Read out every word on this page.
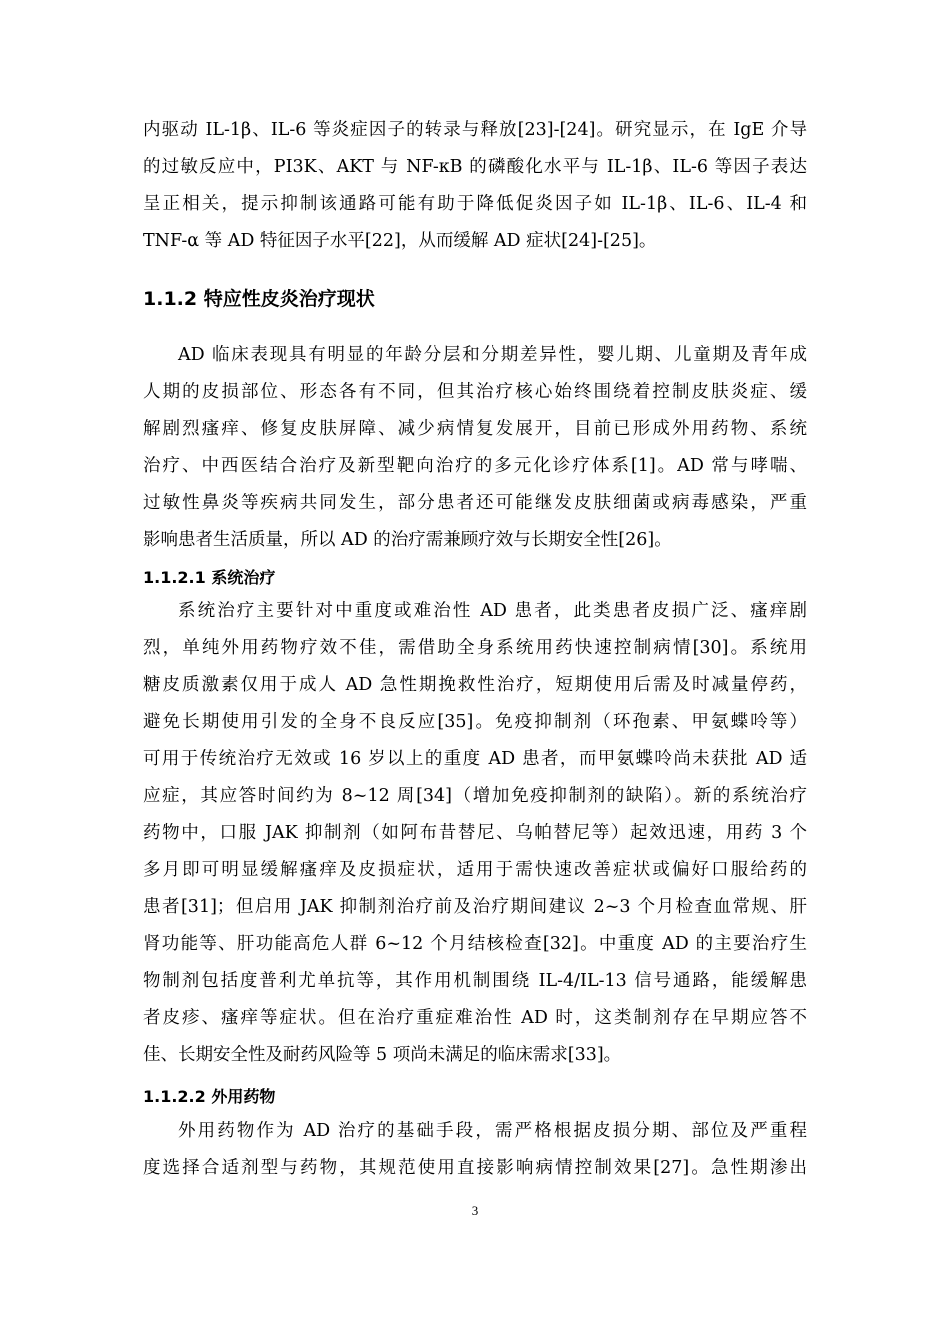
内驱动 IL-1β、IL-6 等炎症因子的转录与释放[23]-[24]。研究显示，在 IgE 介导
的过敏反应中，PI3K、AKT 与 NF-κB 的磷酸化水平与 IL-1β、IL-6 等因子表达
呈正相关，提示抑制该通路可能有助于降低促炎因子如 IL-1β、IL-6、IL-4 和
TNF-α 等 AD 特征因子水平[22]，从而缓解 AD 症状[24]-[25]。
1.1.2 特应性皮炎治疗现状
AD 临床表现具有明显的年龄分层和分期差异性，婴儿期、儿童期及青年成
人期的皮损部位、形态各有不同，但其治疗核心始终围绕着控制皮肤炎症、缓
解剧烈瘙痒、修复皮肤屏障、减少病情复发展开，目前已形成外用药物、系统
治疗、中西医结合治疗及新型靶向治疗的多元化诊疗体系[1]。AD 常与哮喘、
过敏性鼻炎等疾病共同发生，部分患者还可能继发皮肤细菌或病毒感染，严重
影响患者生活质量，所以 AD 的治疗需兼顾疗效与长期安全性[26]。
1.1.2.1 系统治疗
系统治疗主要针对中重度或难治性 AD 患者，此类患者皮损广泛、瘙痒剧
烈，单纯外用药物疗效不佳，需借助全身系统用药快速控制病情[30]。系统用
糖皮质激素仅用于成人 AD 急性期挽救性治疗，短期使用后需及时减量停药，
避免长期使用引发的全身不良反应[35]。免疫抑制剂（环孢素、甲氨蝶呤等）
可用于传统治疗无效或 16 岁以上的重度 AD 患者，而甲氨蝶呤尚未获批 AD 适
应症，其应答时间约为 8~12 周[34]（增加免疫抑制剂的缺陷）。新的系统治疗
药物中，口服 JAK 抑制剂（如阿布昔替尼、乌帕替尼等）起效迅速，用药 3 个
多月即可明显缓解瘙痒及皮损症状，适用于需快速改善症状或偏好口服给药的
患者[31]；但启用 JAK 抑制剂治疗前及治疗期间建议 2~3 个月检查血常规、肝
肾功能等、肝功能高危人群 6~12 个月结核检查[32]。中重度 AD 的主要治疗生
物制剂包括度普利尤单抗等，其作用机制围绕 IL-4/IL-13 信号通路，能缓解患
者皮疹、瘙痒等症状。但在治疗重症难治性 AD 时，这类制剂存在早期应答不
佳、长期安全性及耐药风险等 5 项尚未满足的临床需求[33]。
1.1.2.2 外用药物
外用药物作为 AD 治疗的基础手段，需严格根据皮损分期、部位及严重程
度选择合适剂型与药物，其规范使用直接影响病情控制效果[27]。急性期渗出
3
